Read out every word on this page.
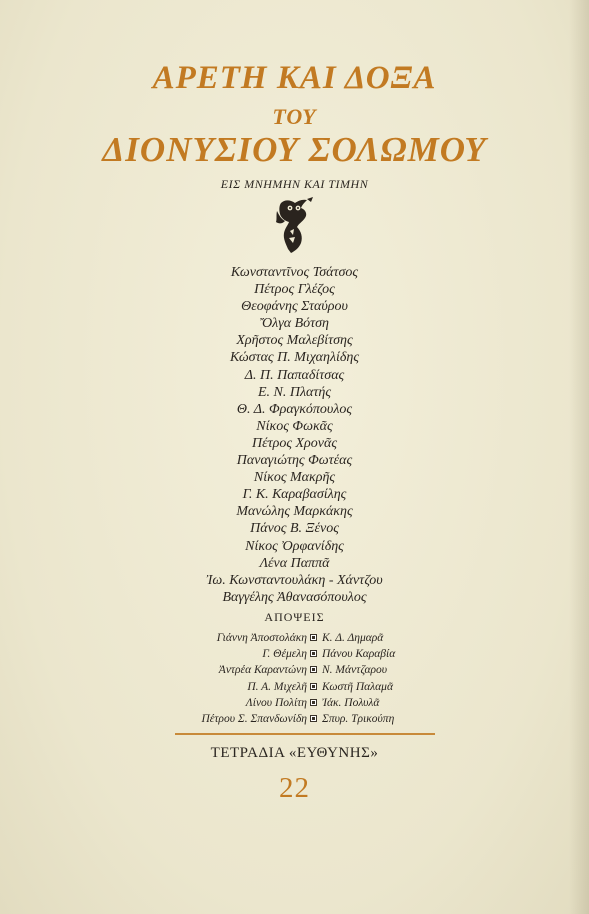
ΑΡΕΤΗ ΚΑΙ ΔΟΞΑ
ΤΟΥ
ΔΙΟΝΥΣΙΟΥ ΣΟΛΩΜΟΥ
ΕΙΣ ΜΝΗΜΗΝ ΚΑΙ ΤΙΜΗΝ
Κωνσταντῖνος Τσάτσος
Πέτρος Γλέζος
Θεοφάνης Σταύρου
Ὄλγα Βότση
Χρῆστος Μαλεβίτσης
Κώστας Π. Μιχαηλίδης
Δ. Π. Παπαδίτσας
Ε. Ν. Πλατής
Θ. Δ. Φραγκόπουλος
Νίκος Φωκᾶς
Πέτρος Χρονᾶς
Παναγιώτης Φωτέας
Νίκος Μακρῆς
Γ. Κ. Καραβασίλης
Μανώλης Μαρκάκης
Πάνος Β. Ξένος
Νίκος Ὀρφανίδης
Λένα Παππᾶ
Ἰω. Κωνσταντουλάκη - Χάντζου
Βαγγέλης Ἀθανασόπουλος
ΑΠΟΨΕΙΣ
Γιάννη Ἀποστολάκη Κ. Δ. Δημαρᾶ
Γ. Θέμελη Πάνου Καραβία
Ἀντρέα Καραντώνη Ν. Μάντζαρου
Π. Α. Μιχελῆ Κωστῆ Παλαμᾶ
Λίνου Πολίτη Ἰάκ. Πολυλᾶ
Πέτρου Σ. Σπανδωνίδη Σπυρ. Τρικούπη
ΤΕΤΡΑΔΙΑ «ΕΥΘΥΝΗΣ»
22
